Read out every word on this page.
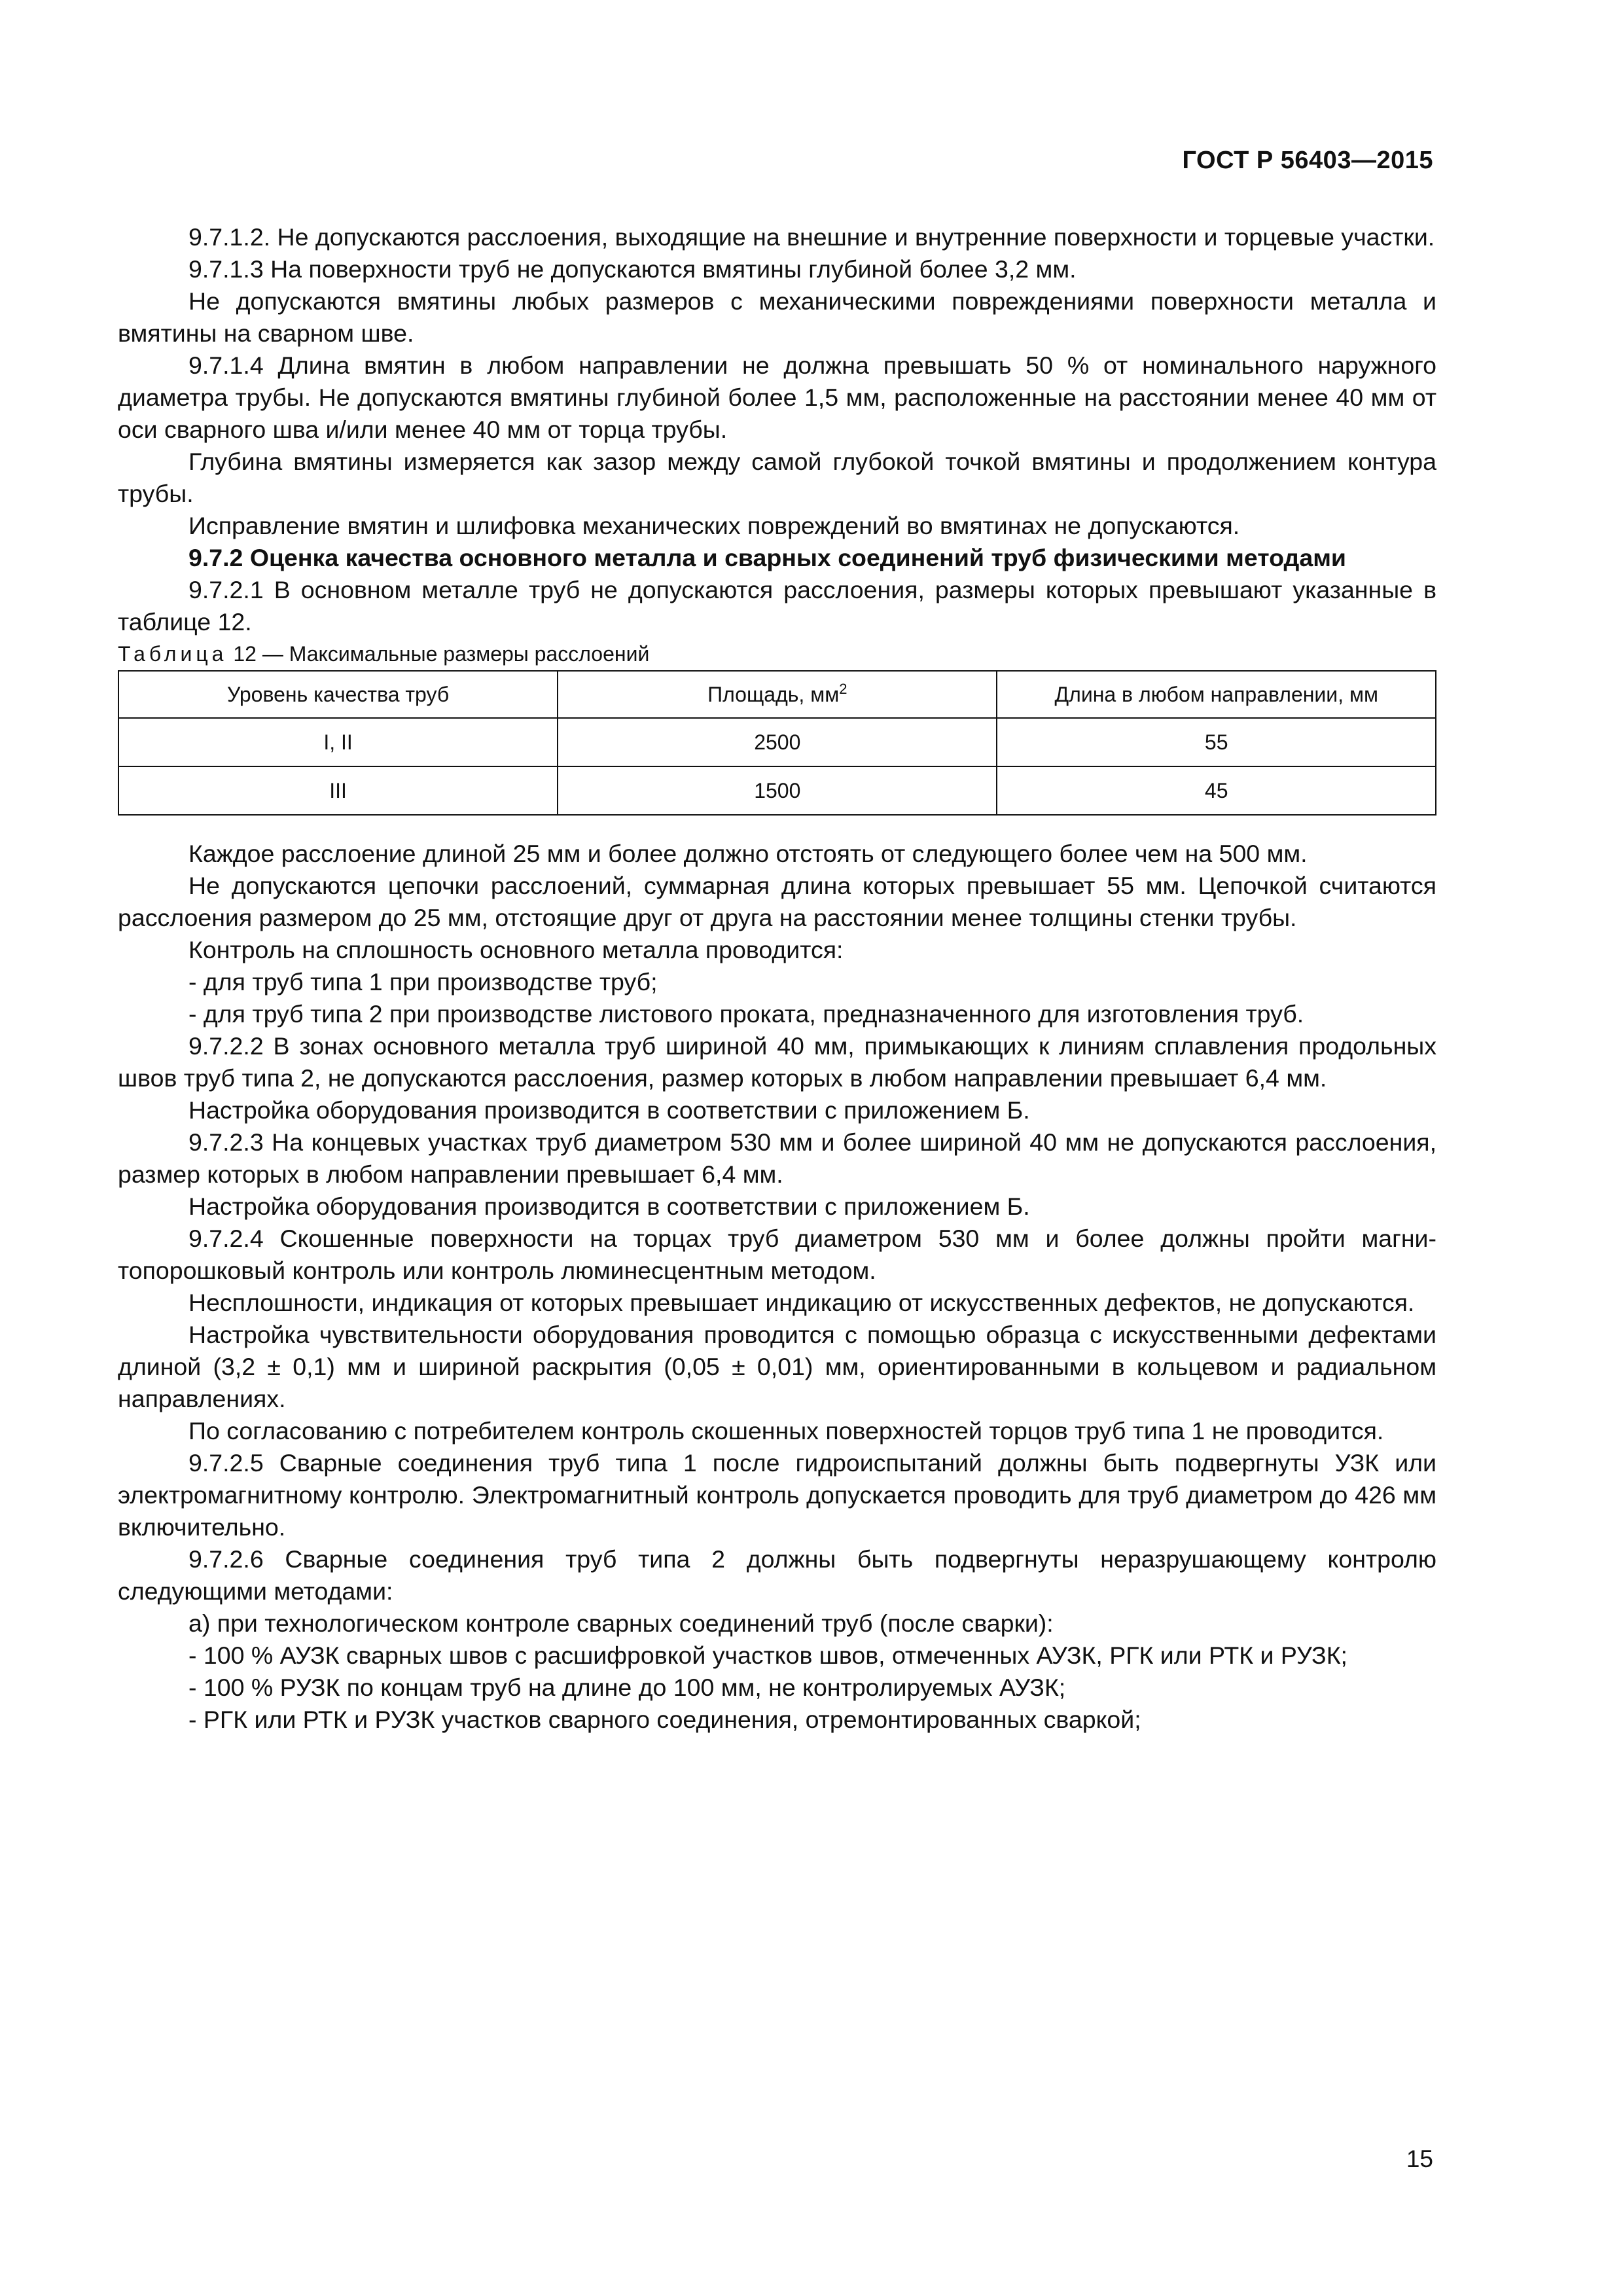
ГОСТ Р 56403—2015

9.7.1.2. Не допускаются расслоения, выходящие на внешние и внутренние поверхности и торцевые участки.

9.7.1.3 На поверхности труб не допускаются вмятины глубиной более 3,2 мм.

Не допускаются вмятины любых размеров с механическими повреждениями поверхности металла и вмятины на сварном шве.

9.7.1.4 Длина вмятин в любом направлении не должна превышать 50 % от номинального наружного диаметра трубы. Не допускаются вмятины глубиной более 1,5 мм, расположенные на расстоянии менее 40 мм от оси сварного шва и/или менее 40 мм от торца трубы.

Глубина вмятины измеряется как зазор между самой глубокой точкой вмятины и продолжением контура трубы.

Исправление вмятин и шлифовка механических повреждений во вмятинах не допускаются.

9.7.2 Оценка качества основного металла и сварных соединений труб физическими методами

9.7.2.1 В основном металле труб не допускаются расслоения, размеры которых превышают указанные в таблице 12.

Таблица 12 — Максимальные размеры расслоений

Уровень качества труб	Площадь, $мм^2$	Длина в любом направлении, мм
I, II	2500	55
III	1500	45

Каждое расслоение длиной 25 мм и более должно отстоять от следующего более чем на 500 мм.

Не допускаются цепочки расслоений, суммарная длина которых превышает 55 мм. Цепочкой считаются расслоения размером до 25 мм, отстоящие друг от друга на расстоянии менее толщины стенки трубы.

Контроль на сплошность основного металла проводится:

- для труб типа 1 при производстве труб;

- для труб типа 2 при производстве листового проката, предназначенного для изготовления труб.

9.7.2.2 В зонах основного металла труб шириной 40 мм, примыкающих к линиям сплавления продольных швов труб типа 2, не допускаются расслоения, размер которых в любом направлении превышает 6,4 мм.

Настройка оборудования производится в соответствии с приложением Б.

9.7.2.3 На концевых участках труб диаметром 530 мм и более шириной 40 мм не допускаются расслоения, размер которых в любом направлении превышает 6,4 мм.

Настройка оборудования производится в соответствии с приложением Б.

9.7.2.4 Скошенные поверхности на торцах труб диаметром 530 мм и более должны пройти магнитопорошковый контроль или контроль люминесцентным методом.

Несплошности, индикация от которых превышает индикацию от искусственных дефектов, не допускаются.

Настройка чувствительности оборудования проводится с помощью образца с искусственными дефектами длиной (3,2 ± 0,1) мм и шириной раскрытия (0,05 ± 0,01) мм, ориентированными в кольцевом и радиальном направлениях.

По согласованию с потребителем контроль скошенных поверхностей торцов труб типа 1 не проводится.

9.7.2.5 Сварные соединения труб типа 1 после гидроиспытаний должны быть подвергнуты УЗК или электромагнитному контролю. Электромагнитный контроль допускается проводить для труб диаметром до 426 мм включительно.

9.7.2.6 Сварные соединения труб типа 2 должны быть подвергнуты неразрушающему контролю следующими методами:

а) при технологическом контроле сварных соединений труб (после сварки):

- 100 % АУЗК сварных швов с расшифровкой участков швов, отмеченных АУЗК, РГК или РТК и РУЗК;

- 100 % РУЗК по концам труб на длине до 100 мм, не контролируемых АУЗК;

- РГК или РТК и РУЗК участков сварного соединения, отремонтированных сваркой;

15
